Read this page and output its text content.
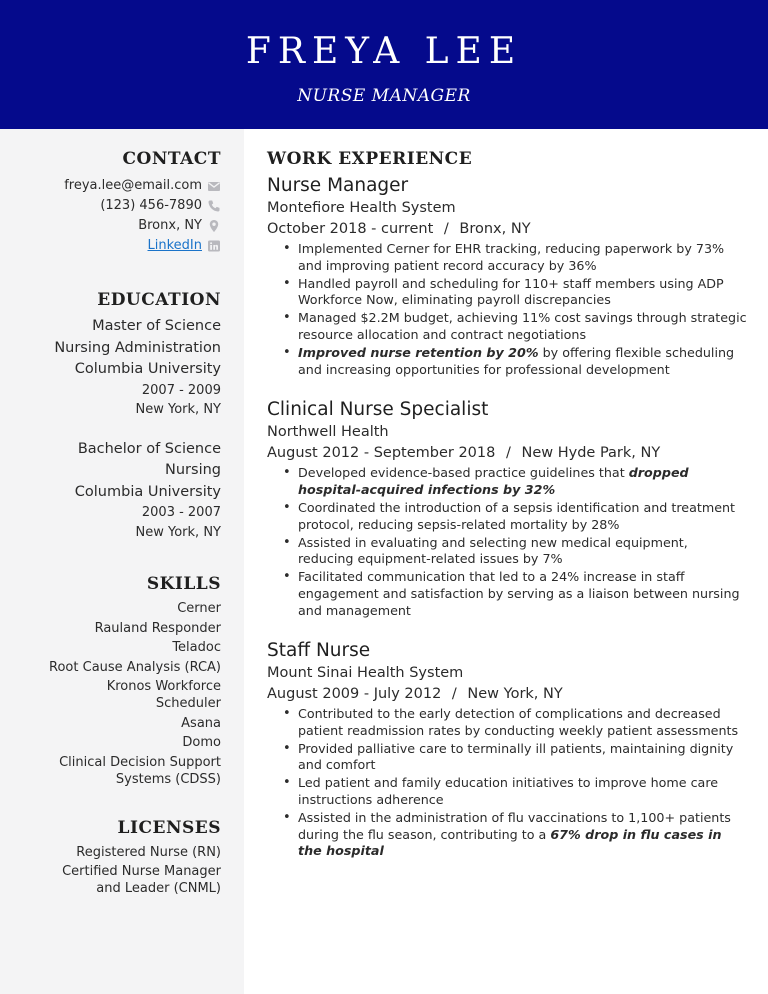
FREYA LEE
NURSE MANAGER
CONTACT
freya.lee@email.com
(123) 456-7890
Bronx, NY
LinkedIn
EDUCATION
Master of Science
Nursing Administration
Columbia University
2007 - 2009
New York, NY
Bachelor of Science
Nursing
Columbia University
2003 - 2007
New York, NY
SKILLS
Cerner
Rauland Responder
Teladoc
Root Cause Analysis (RCA)
Kronos Workforce Scheduler
Asana
Domo
Clinical Decision Support Systems (CDSS)
LICENSES
Registered Nurse (RN)
Certified Nurse Manager and Leader (CNML)
WORK EXPERIENCE
Nurse Manager
Montefiore Health System
October 2018 - current / Bronx, NY
• Implemented Cerner for EHR tracking, reducing paperwork by 73% and improving patient record accuracy by 36%
• Handled payroll and scheduling for 110+ staff members using ADP Workforce Now, eliminating payroll discrepancies
• Managed $2.2M budget, achieving 11% cost savings through strategic resource allocation and contract negotiations
• Improved nurse retention by 20% by offering flexible scheduling and increasing opportunities for professional development
Clinical Nurse Specialist
Northwell Health
August 2012 - September 2018 / New Hyde Park, NY
• Developed evidence-based practice guidelines that dropped hospital-acquired infections by 32%
• Coordinated the introduction of a sepsis identification and treatment protocol, reducing sepsis-related mortality by 28%
• Assisted in evaluating and selecting new medical equipment, reducing equipment-related issues by 7%
• Facilitated communication that led to a 24% increase in staff engagement and satisfaction by serving as a liaison between nursing and management
Staff Nurse
Mount Sinai Health System
August 2009 - July 2012 / New York, NY
• Contributed to the early detection of complications and decreased patient readmission rates by conducting weekly patient assessments
• Provided palliative care to terminally ill patients, maintaining dignity and comfort
• Led patient and family education initiatives to improve home care instructions adherence
• Assisted in the administration of flu vaccinations to 1,100+ patients during the flu season, contributing to a 67% drop in flu cases in the hospital
